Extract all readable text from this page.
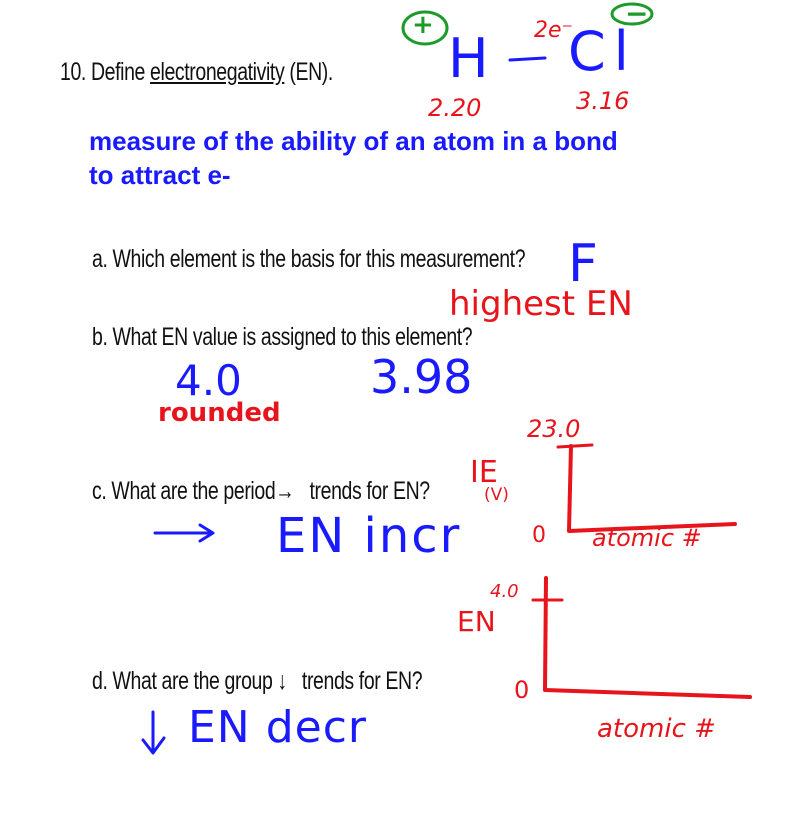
10. Define electronegativity (EN).
measure of the ability of an atom in a bond
to attract e-
+	−
H Cl
2e⁻
2.20	3.16
a. Which element is the basis for this measurement? F
highest EN
b. What EN value is assigned to this element?
4.0
rounded
3.98
c. What are the period→ trends for EN?
EN incr
IE
(V)
23.0
0 atomic #
d. What are the group ↓ trends for EN?
EN decr
4.0
EN
0
atomic #
